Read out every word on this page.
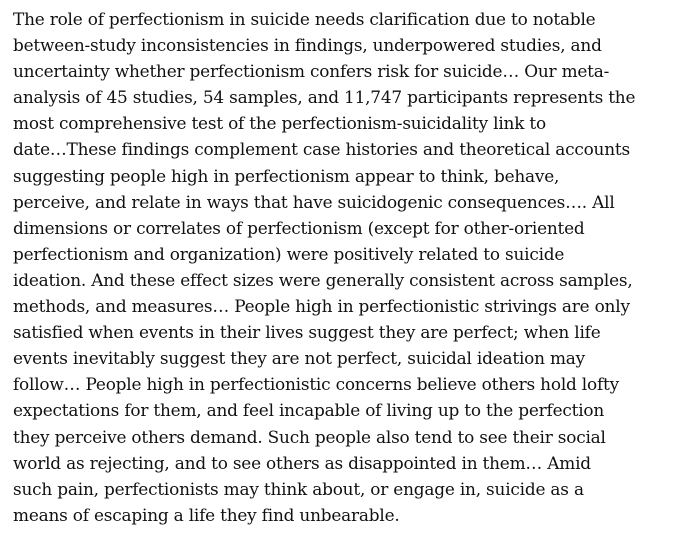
The role of perfectionism in suicide needs clarification due to notable
between-study inconsistencies in findings, underpowered studies, and
uncertainty whether perfectionism confers risk for suicide… Our meta-
analysis of 45 studies, 54 samples, and 11,747 participants represents the
most comprehensive test of the perfectionism-suicidality link to
date…These findings complement case histories and theoretical accounts
suggesting people high in perfectionism appear to think, behave,
perceive, and relate in ways that have suicidogenic consequences…. All
dimensions or correlates of perfectionism (except for other-oriented
perfectionism and organization) were positively related to suicide
ideation. And these effect sizes were generally consistent across samples,
methods, and measures… People high in perfectionistic strivings are only
satisfied when events in their lives suggest they are perfect; when life
events inevitably suggest they are not perfect, suicidal ideation may
follow… People high in perfectionistic concerns believe others hold lofty
expectations for them, and feel incapable of living up to the perfection
they perceive others demand. Such people also tend to see their social
world as rejecting, and to see others as disappointed in them… Amid
such pain, perfectionists may think about, or engage in, suicide as a
means of escaping a life they find unbearable.
